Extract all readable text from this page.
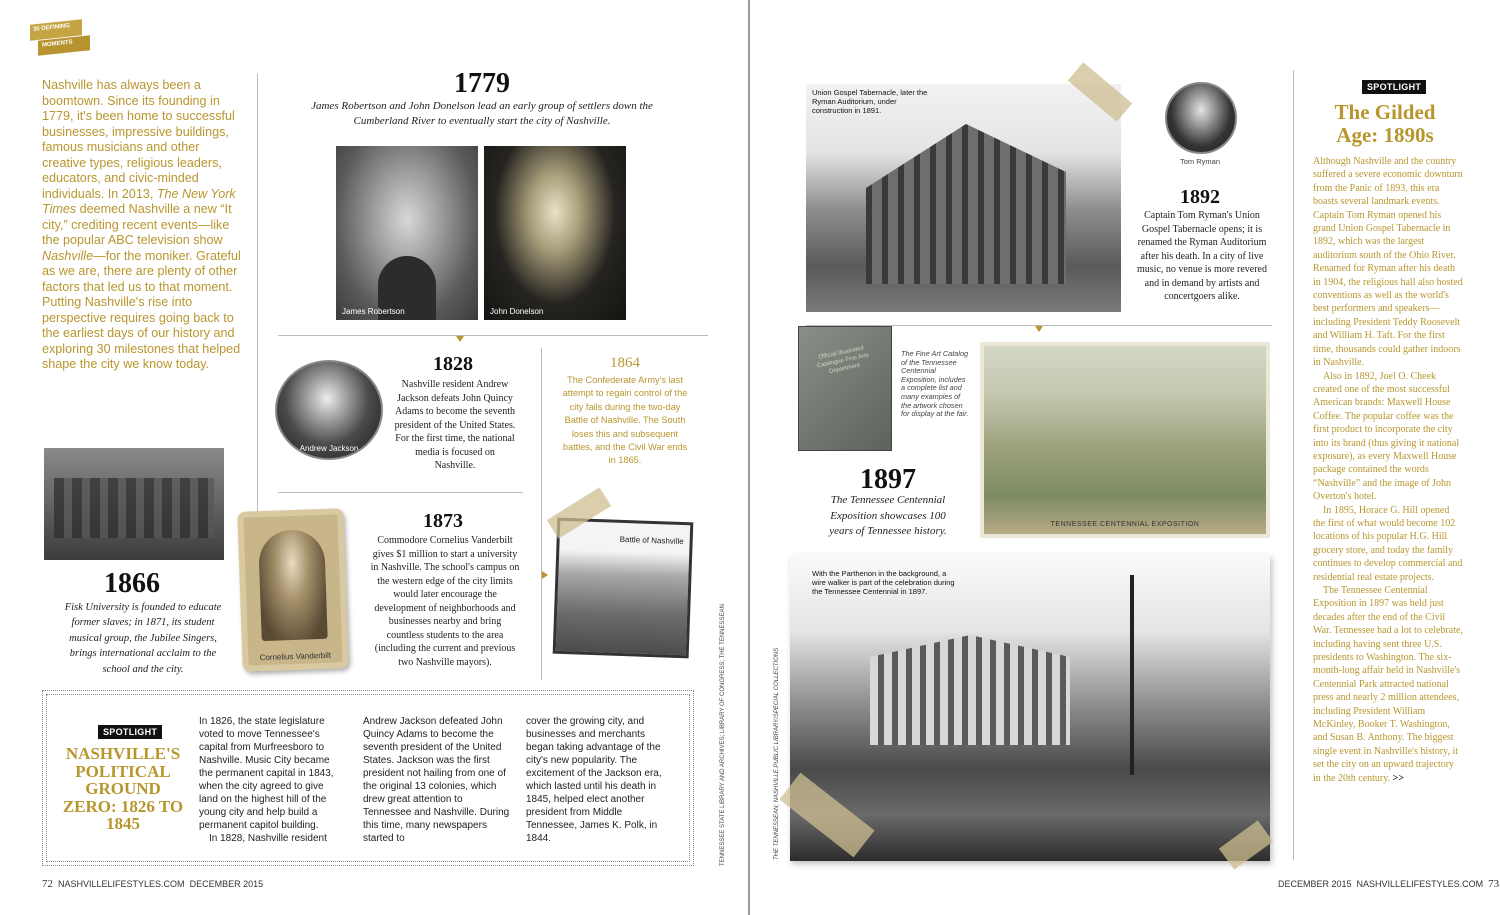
30 DEFINING
MOMENTS
Nashville has always been a boomtown. Since its founding in 1779, it's been home to successful businesses, impressive buildings, famous musicians and other creative types, religious leaders, educators, and civic-minded individuals. In 2013, The New York Times deemed Nashville a new “It city,” crediting recent events—like the popular ABC television show Nashville—for the moniker. Grateful as we are, there are plenty of other factors that led us to that moment. Putting Nashville's rise into perspective requires going back to the earliest days of our history and exploring 30 milestones that helped shape the city we know today.
1866
Fisk University is founded to educate former slaves; in 1871, its student musical group, the Jubilee Singers, brings international acclaim to the school and the city.
1779
James Robertson and John Donelson lead an early group of settlers down the Cumberland River to eventually start the city of Nashville.
James Robertson	John Donelson
Andrew Jackson
1828
Nashville resident Andrew Jackson defeats John Quincy Adams to become the seventh president of the United States. For the first time, the national media is focused on Nashville.
1864
The Confederate Army's last attempt to regain control of the city fails during the two-day Battle of Nashville. The South loses this and subsequent battles, and the Civil War ends in 1865.
Cornelius Vanderbilt
1873
Commodore Cornelius Vanderbilt gives $1 million to start a university in Nashville. The school's campus on the western edge of the city limits would later encourage the development of neighborhoods and businesses nearby and bring countless students to the area (including the current and previous two Nashville mayors).
Battle of Nashville
SPOTLIGHT
NASHVILLE'S POLITICAL GROUND ZERO: 1826 TO 1845
In 1826, the state legislature voted to move Tennessee's capital from Murfreesboro to Nashville. Music City became the permanent capital in 1843, when the city agreed to give land on the highest hill of the young city and help build a permanent capitol building.
In 1828, Nashville resident
Andrew Jackson defeated John Quincy Adams to become the seventh president of the United States. Jackson was the first president not hailing from one of the original 13 colonies, which drew great attention to Tennessee and Nashville. During this time, many newspapers started to
cover the growing city, and businesses and merchants began taking advantage of the city's new popularity. The excitement of the Jackson era, which lasted until his death in 1845, helped elect another president from Middle Tennessee, James K. Polk, in 1844.	TENNESSEE STATE LIBRARY AND ARCHIVES; LIBRARY OF CONGRESS; THE TENNESSEAN
72 NASHVILLELIFESTYLES.COM DECEMBER 2015
Union Gospel Tabernacle, later the Ryman Auditorium, under construction in 1891.
Tom Ryman
1892
Captain Tom Ryman's Union Gospel Tabernacle opens; it is renamed the Ryman Auditorium after his death. In a city of live music, no venue is more revered and in demand by artists and concertgoers alike.
Official Illustrated Catalogue Fine Arts Department
The Fine Art Catalog of the Tennessee Centennial Exposition, includes a complete list and many examples of the artwork chosen for display at the fair.
TENNESSEE CENTENNIAL EXPOSITION
1897
The Tennessee Centennial Exposition showcases 100 years of Tennessee history.
With the Parthenon in the background, a wire walker is part of the celebration during the Tennessee Centennial in 1897.
THE TENNESSEAN; NASHVILLE PUBLIC LIBRARY/SPECIAL COLLECTIONS
SPOTLIGHT
The Gilded Age: 1890s

Although Nashville and the country suffered a severe economic downturn from the Panic of 1893, this era boasts several landmark events. Captain Tom Ryman opened his grand Union Gospel Tabernacle in 1892, which was the largest auditorium south of the Ohio River. Renamed for Ryman after his death in 1904, the religious hall also hosted conventions as well as the world's best performers and speakers—including President Teddy Roosevelt and William H. Taft. For the first time, thousands could gather indoors in Nashville.

Also in 1892, Joel O. Cheek created one of the most successful American brands: Maxwell House Coffee. The popular coffee was the first product to incorporate the city into its brand (thus giving it national exposure), as every Maxwell House package contained the words “Nashville” and the image of John Overton's hotel.

In 1895, Horace G. Hill opened the first of what would become 102 locations of his popular H.G. Hill grocery store, and today the family continues to develop commercial and residential real estate projects.

The Tennessee Centennial Exposition in 1897 was held just decades after the end of the Civil War. Tennessee had a lot to celebrate, including having sent three U.S. presidents to Washington. The six-month-long affair held in Nashville's Centennial Park attracted national press and nearly 2 million attendees, including President William McKinley, Booker T. Washington, and Susan B. Anthony. The biggest single event in Nashville's history, it set the city on an upward trajectory in the 20th century. >>

DECEMBER 2015 NASHVILLELIFESTYLES.COM 73
